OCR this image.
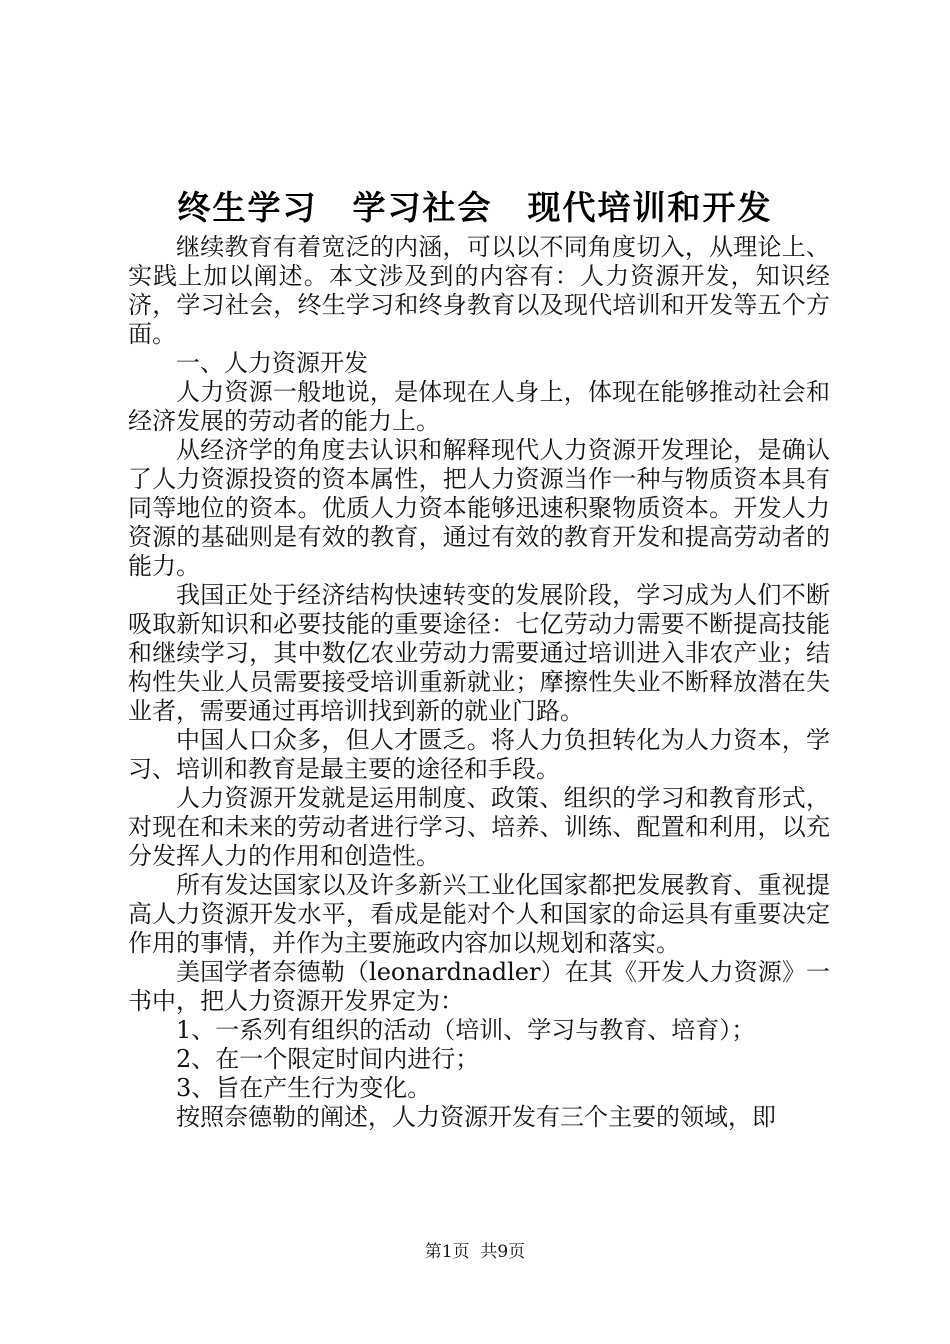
终生学习　学习社会　现代培训和开发

继续教育有着宽泛的内涵，可以以不同角度切入，从理论上、实践上加以阐述。本文涉及到的内容有：人力资源开发，知识经济，学习社会，终生学习和终身教育以及现代培训和开发等五个方面。

一、人力资源开发

人力资源一般地说，是体现在人身上，体现在能够推动社会和经济发展的劳动者的能力上。

从经济学的角度去认识和解释现代人力资源开发理论，是确认了人力资源投资的资本属性，把人力资源当作一种与物质资本具有同等地位的资本。优质人力资本能够迅速积聚物质资本。开发人力资源的基础则是有效的教育，通过有效的教育开发和提高劳动者的能力。

我国正处于经济结构快速转变的发展阶段，学习成为人们不断吸取新知识和必要技能的重要途径：七亿劳动力需要不断提高技能和继续学习，其中数亿农业劳动力需要通过培训进入非农产业；结构性失业人员需要接受培训重新就业；摩擦性失业不断释放潜在失业者，需要通过再培训找到新的就业门路。

中国人口众多，但人才匮乏。将人力负担转化为人力资本，学习、培训和教育是最主要的途径和手段。

人力资源开发就是运用制度、政策、组织的学习和教育形式，对现在和未来的劳动者进行学习、培养、训练、配置和利用，以充分发挥人力的作用和创造性。

所有发达国家以及许多新兴工业化国家都把发展教育、重视提高人力资源开发水平，看成是能对个人和国家的命运具有重要决定作用的事情，并作为主要施政内容加以规划和落实。

美国学者奈德勒（leonardnadler）在其《开发人力资源》一书中，把人力资源开发界定为：

1、一系列有组织的活动（培训、学习与教育、培育）；

2、在一个限定时间内进行；

3、旨在产生行为变化。

按照奈德勒的阐述，人力资源开发有三个主要的领域，即

第1页  共9页
